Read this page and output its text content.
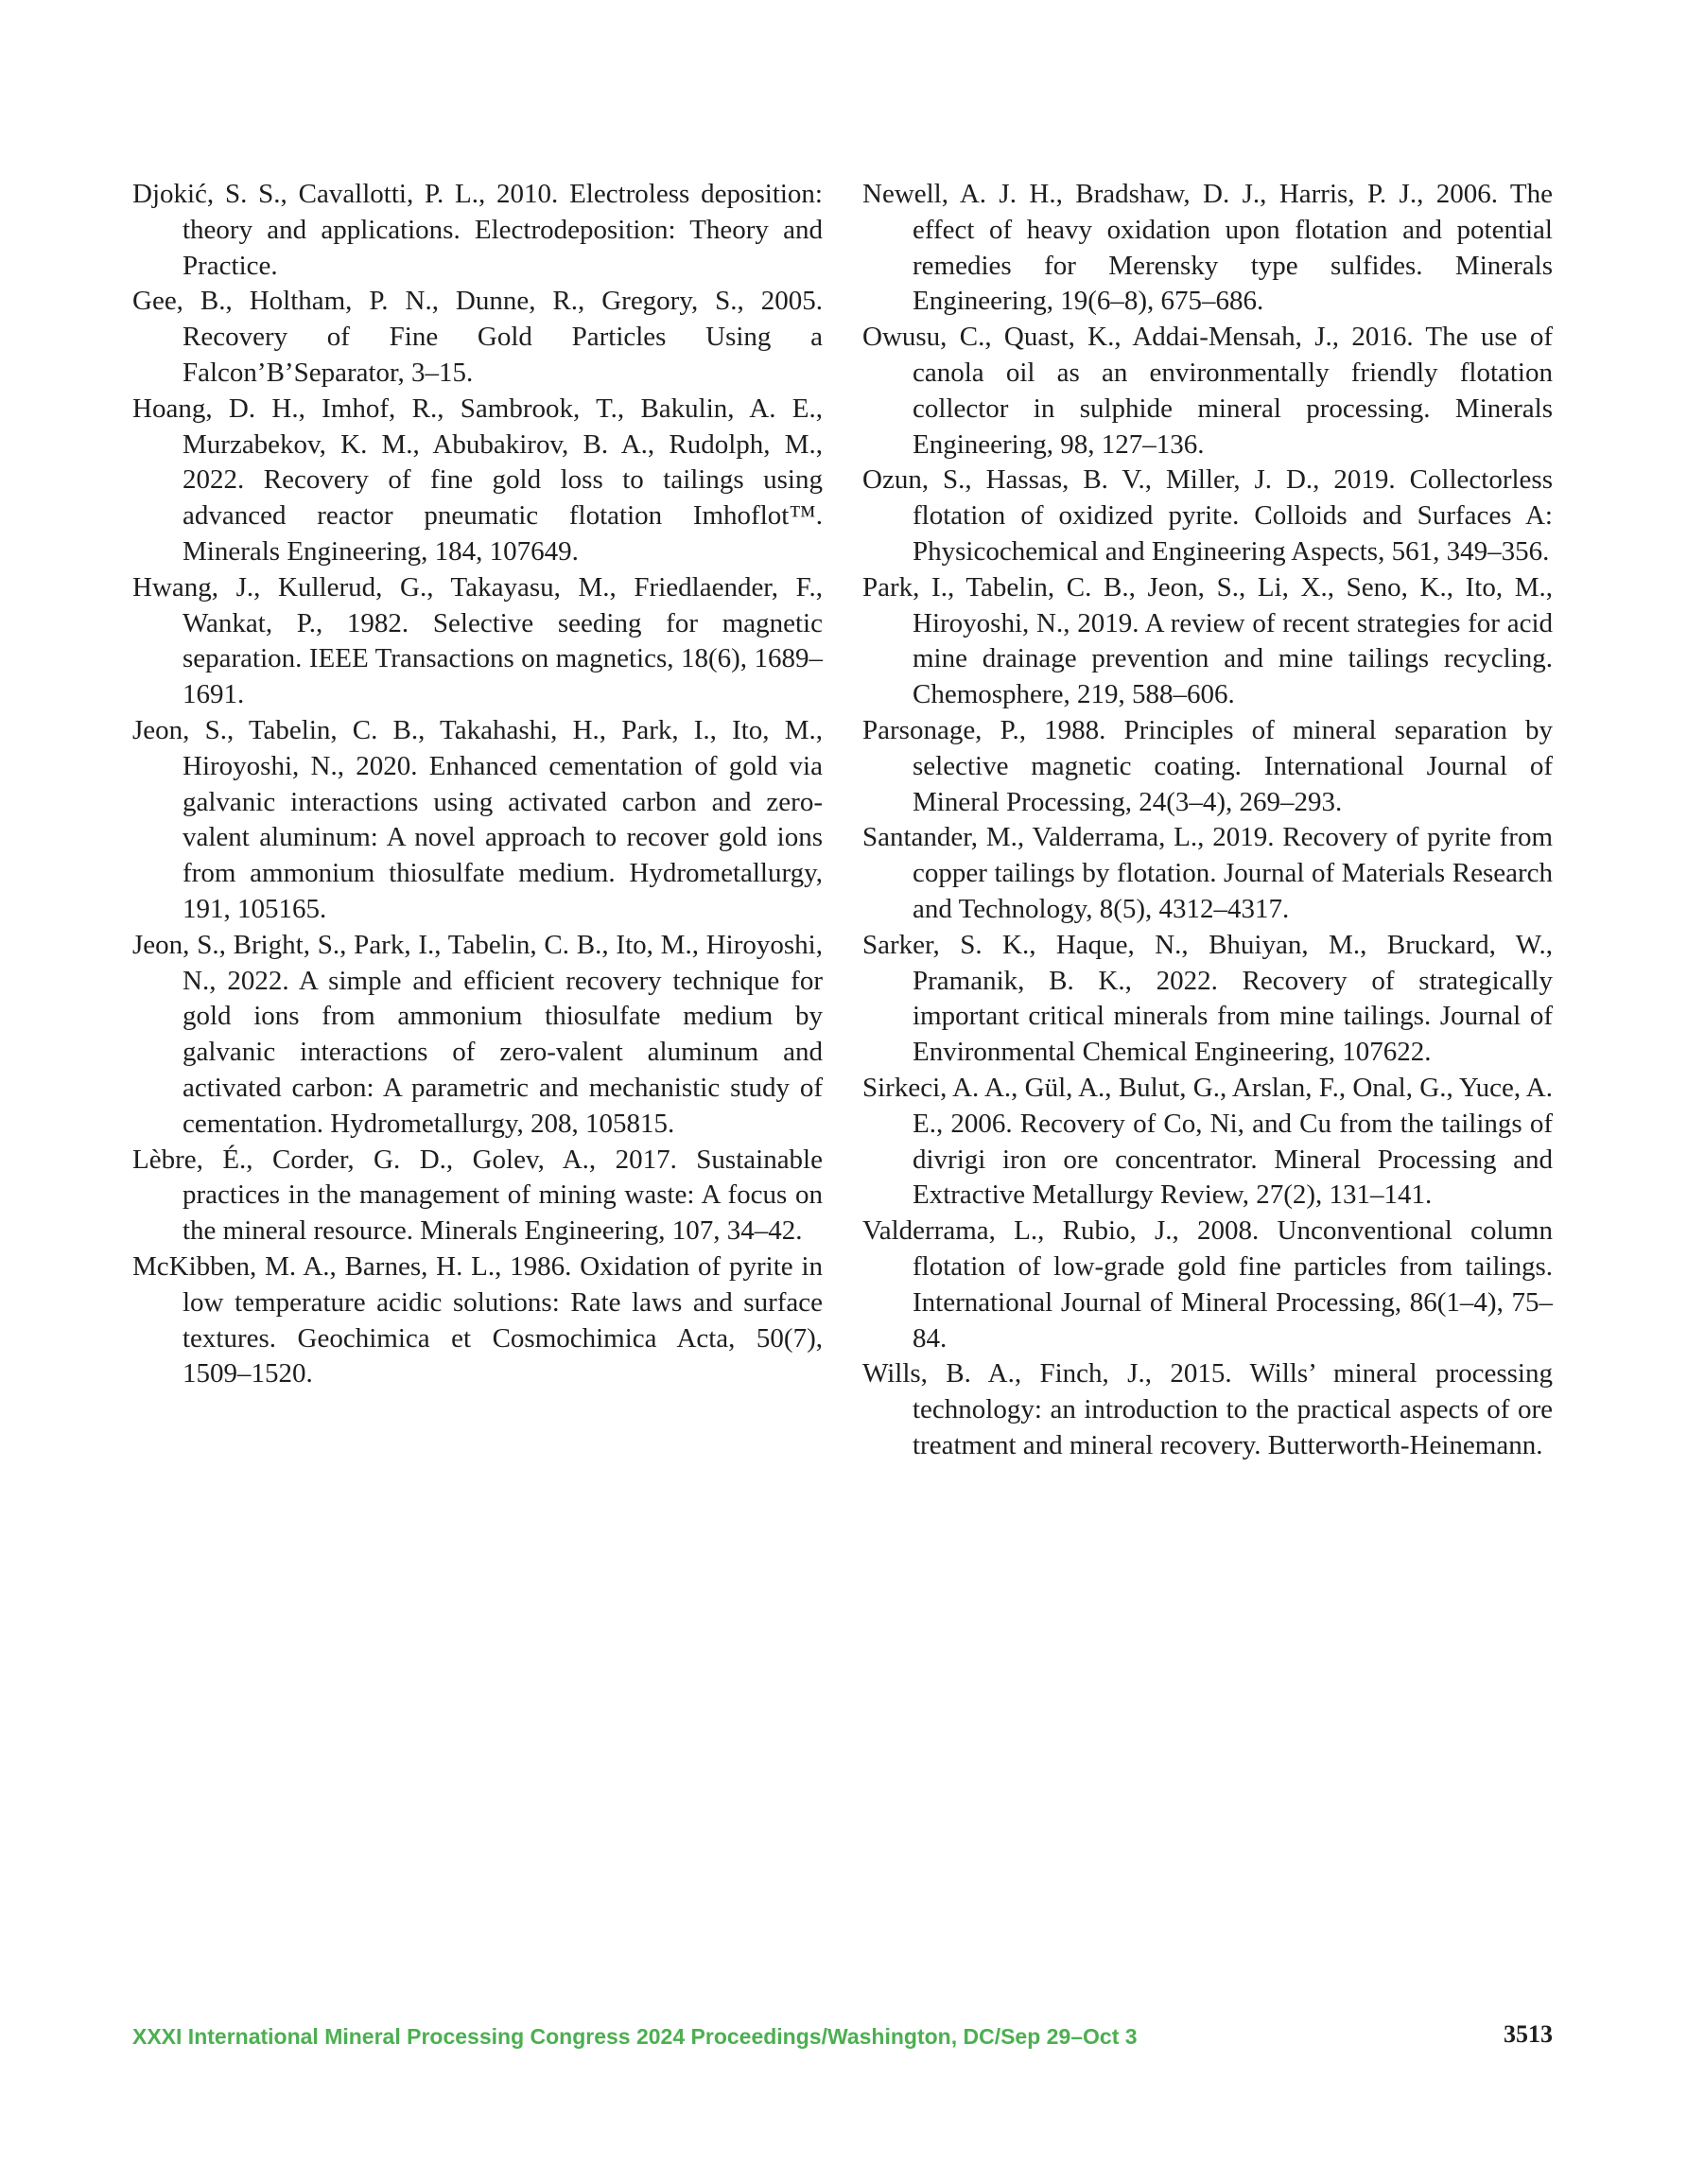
Djokić, S. S., Cavallotti, P. L., 2010. Electroless deposition: theory and applications. Electrodeposition: Theory and Practice.
Gee, B., Holtham, P. N., Dunne, R., Gregory, S., 2005. Recovery of Fine Gold Particles Using a Falcon’B’Separator, 3–15.
Hoang, D. H., Imhof, R., Sambrook, T., Bakulin, A. E., Murzabekov, K. M., Abubakirov, B. A., Rudolph, M., 2022. Recovery of fine gold loss to tailings using advanced reactor pneumatic flotation Imhoflot™. Minerals Engineering, 184, 107649.
Hwang, J., Kullerud, G., Takayasu, M., Friedlaender, F., Wankat, P., 1982. Selective seeding for magnetic separation. IEEE Transactions on magnetics, 18(6), 1689–1691.
Jeon, S., Tabelin, C. B., Takahashi, H., Park, I., Ito, M., Hiroyoshi, N., 2020. Enhanced cementation of gold via galvanic interactions using activated carbon and zero-valent aluminum: A novel approach to recover gold ions from ammonium thiosulfate medium. Hydrometallurgy, 191, 105165.
Jeon, S., Bright, S., Park, I., Tabelin, C. B., Ito, M., Hiroyoshi, N., 2022. A simple and efficient recovery technique for gold ions from ammonium thiosulfate medium by galvanic interactions of zero-valent aluminum and activated carbon: A parametric and mechanistic study of cementation. Hydrometallurgy, 208, 105815.
Lèbre, É., Corder, G. D., Golev, A., 2017. Sustainable practices in the management of mining waste: A focus on the mineral resource. Minerals Engineering, 107, 34–42.
McKibben, M. A., Barnes, H. L., 1986. Oxidation of pyrite in low temperature acidic solutions: Rate laws and surface textures. Geochimica et Cosmochimica Acta, 50(7), 1509–1520.
Newell, A. J. H., Bradshaw, D. J., Harris, P. J., 2006. The effect of heavy oxidation upon flotation and potential remedies for Merensky type sulfides. Minerals Engineering, 19(6–8), 675–686.
Owusu, C., Quast, K., Addai-Mensah, J., 2016. The use of canola oil as an environmentally friendly flotation collector in sulphide mineral processing. Minerals Engineering, 98, 127–136.
Ozun, S., Hassas, B. V., Miller, J. D., 2019. Collectorless flotation of oxidized pyrite. Colloids and Surfaces A: Physicochemical and Engineering Aspects, 561, 349–356.
Park, I., Tabelin, C. B., Jeon, S., Li, X., Seno, K., Ito, M., Hiroyoshi, N., 2019. A review of recent strategies for acid mine drainage prevention and mine tailings recycling. Chemosphere, 219, 588–606.
Parsonage, P., 1988. Principles of mineral separation by selective magnetic coating. International Journal of Mineral Processing, 24(3–4), 269–293.
Santander, M., Valderrama, L., 2019. Recovery of pyrite from copper tailings by flotation. Journal of Materials Research and Technology, 8(5), 4312–4317.
Sarker, S. K., Haque, N., Bhuiyan, M., Bruckard, W., Pramanik, B. K., 2022. Recovery of strategically important critical minerals from mine tailings. Journal of Environmental Chemical Engineering, 107622.
Sirkeci, A. A., Gül, A., Bulut, G., Arslan, F., Onal, G., Yuce, A. E., 2006. Recovery of Co, Ni, and Cu from the tailings of divrigi iron ore concentrator. Mineral Processing and Extractive Metallurgy Review, 27(2), 131–141.
Valderrama, L., Rubio, J., 2008. Unconventional column flotation of low-grade gold fine particles from tailings. International Journal of Mineral Processing, 86(1–4), 75–84.
Wills, B. A., Finch, J., 2015. Wills’ mineral processing technology: an introduction to the practical aspects of ore treatment and mineral recovery. Butterworth-Heinemann.
XXXI International Mineral Processing Congress 2024 Proceedings/Washington, DC/Sep 29–Oct 3	3513
